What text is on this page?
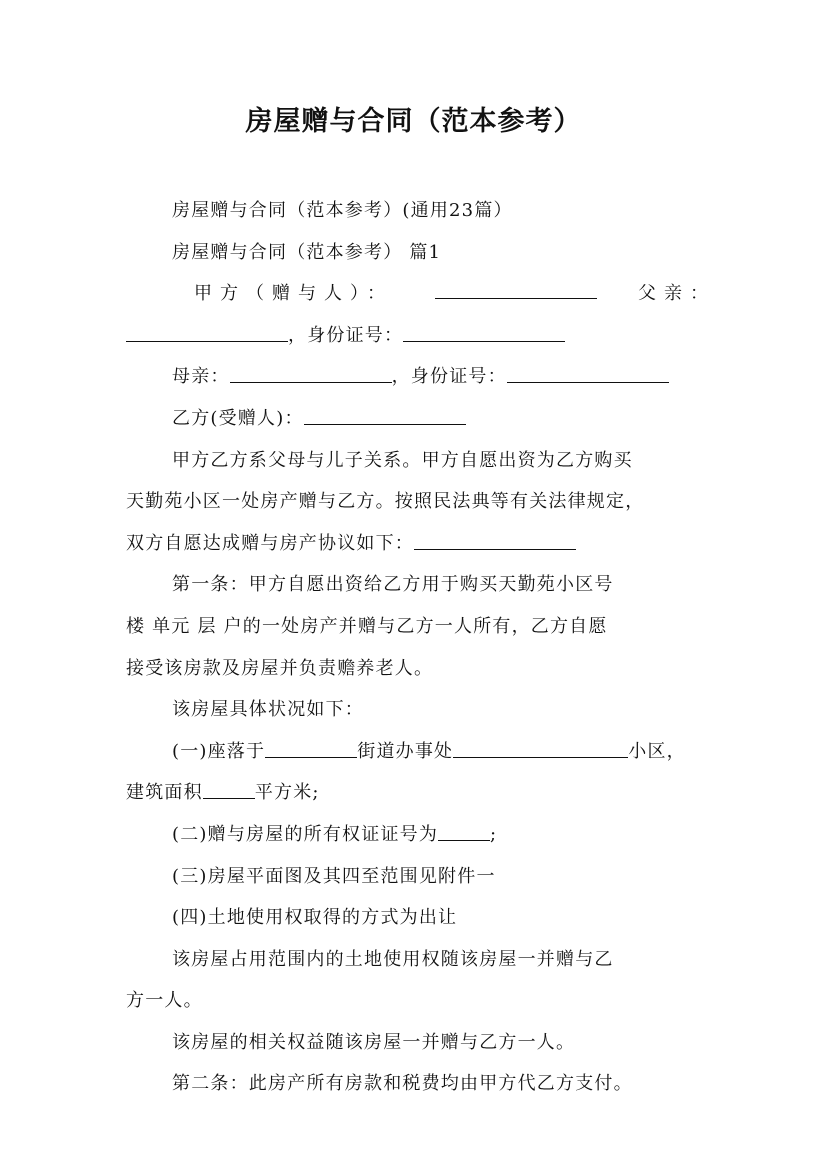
房屋赠与合同（范本参考）
房屋赠与合同（范本参考）(通用23篇）
房屋赠与合同（范本参考） 篇1
甲方（赠与人）：	父亲：
，身份证号：
母亲：	，身份证号：
乙方(受赠人)：
甲方乙方系父母与儿子关系。甲方自愿出资为乙方购买
天勤苑小区一处房产赠与乙方。按照民法典等有关法律规定，
双方自愿达成赠与房产协议如下：
第一条：甲方自愿出资给乙方用于购买天勤苑小区号
楼 单元 层 户的一处房产并赠与乙方一人所有，乙方自愿
接受该房款及房屋并负责赡养老人。
该房屋具体状况如下：
(一)座落于	街道办事处	小区，
建筑面积	平方米;
(二)赠与房屋的所有权证证号为	;
(三)房屋平面图及其四至范围见附件一
(四)土地使用权取得的方式为出让
该房屋占用范围内的土地使用权随该房屋一并赠与乙
方一人。
该房屋的相关权益随该房屋一并赠与乙方一人。
第二条：此房产所有房款和税费均由甲方代乙方支付。
